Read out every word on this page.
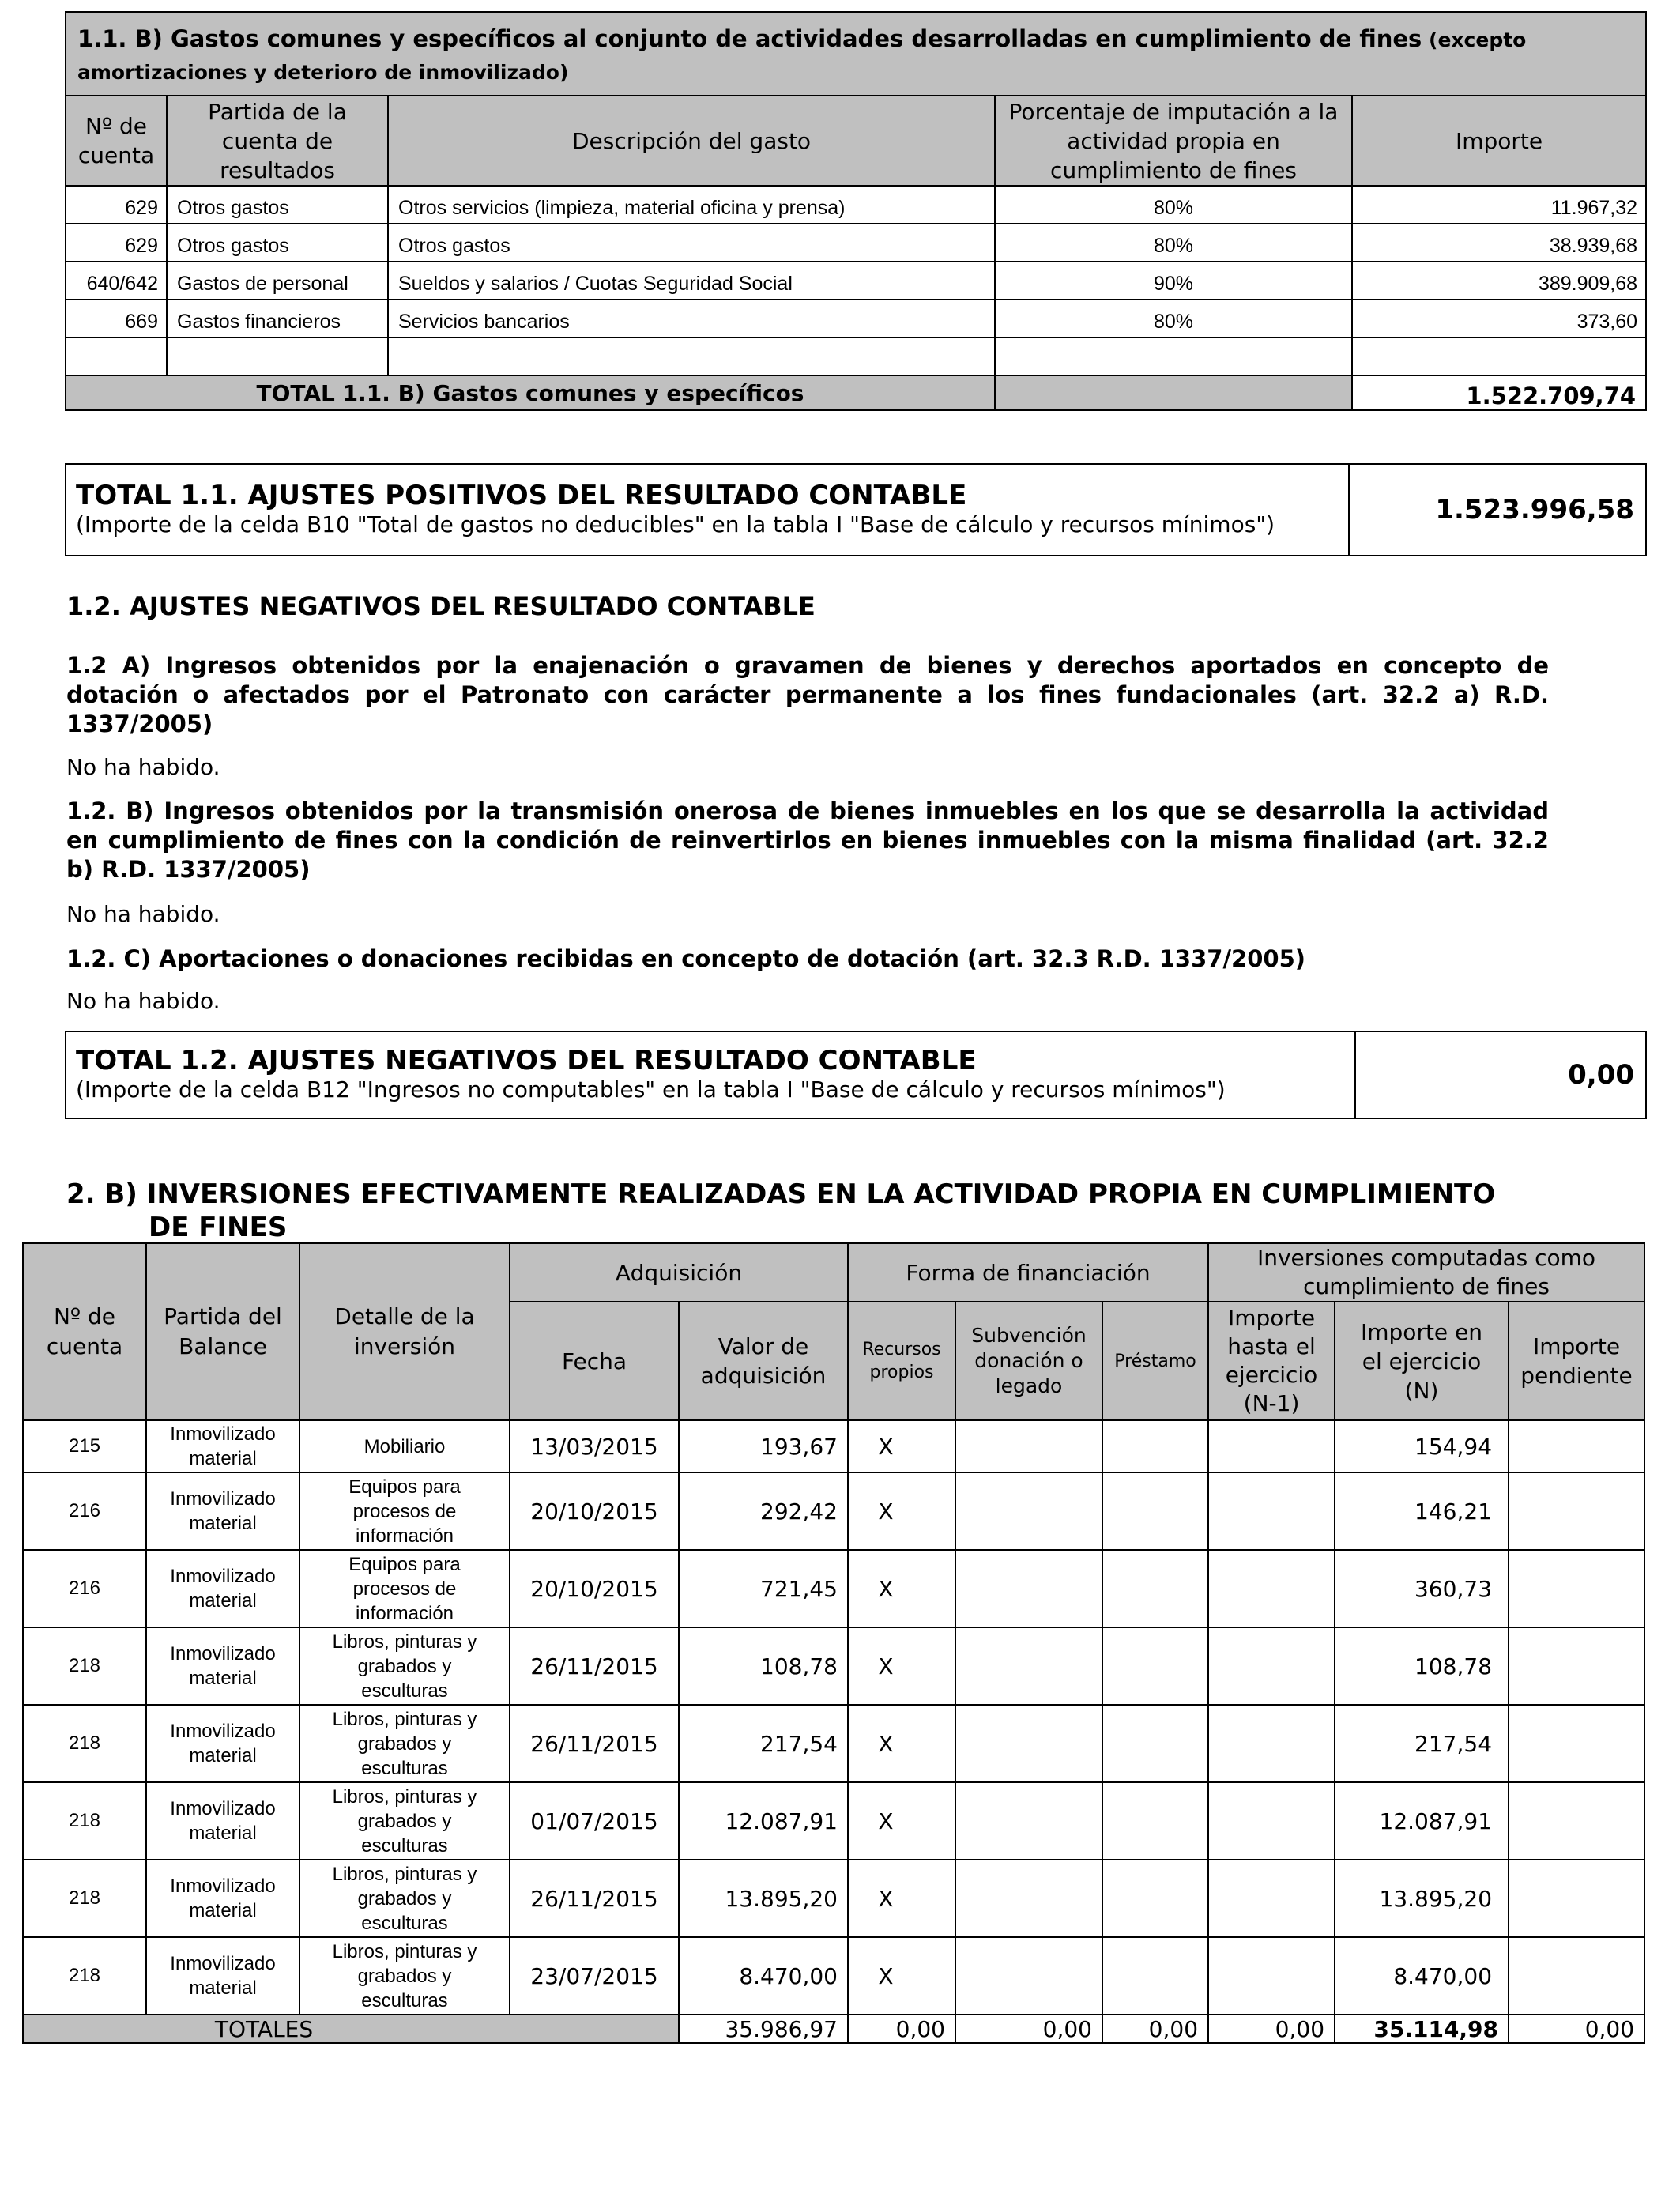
1.1. B) Gastos comunes y específicos al conjunto de actividades desarrolladas en cumplimiento de fines (excepto
amortizaciones y deterioro de inmovilizado)				
Nº de cuenta	Partida de la cuenta de resultados	Descripción del gasto	Porcentaje de imputación a la actividad propia en cumplimiento de fines	Importe
629	Otros gastos	Otros servicios (limpieza, material oficina y prensa)	80%	11.967,32
629	Otros gastos	Otros gastos	80%	38.939,68
640/642	Gastos de personal	Sueldos y salarios / Cuotas Seguridad Social	90%	389.909,68
669	Gastos financieros	Servicios bancarios	80%	373,60

TOTAL 1.1. B) Gastos comunes y específicos				1.522.709,74
TOTAL 1.1. AJUSTES POSITIVOS DEL RESULTADO CONTABLE
(Importe de la celda B10 "Total de gastos no deducibles" en la tabla I "Base de cálculo y recursos mínimos")	1.523.996,58
1.2. AJUSTES NEGATIVOS DEL RESULTADO CONTABLE
1.2 A) Ingresos obtenidos por la enajenación o gravamen de bienes y derechos aportados en concepto de dotación o afectados por el Patronato con carácter permanente a los fines fundacionales (art. 32.2 a) R.D. 1337/2005)
No ha habido.
1.2. B) Ingresos obtenidos por la transmisión onerosa de bienes inmuebles en los que se desarrolla la actividad en cumplimiento de fines con la condición de reinvertirlos en bienes inmuebles con la misma finalidad (art. 32.2 b) R.D. 1337/2005)
No ha habido.
1.2. C) Aportaciones o donaciones recibidas en concepto de dotación (art. 32.3 R.D. 1337/2005)
No ha habido.
TOTAL 1.2. AJUSTES NEGATIVOS DEL RESULTADO CONTABLE
(Importe de la celda B12 "Ingresos no computables" en la tabla I "Base de cálculo y recursos mínimos")	0,00
2. B) INVERSIONES EFECTIVAMENTE REALIZADAS EN LA ACTIVIDAD PROPIA EN CUMPLIMIENTO
DE FINES
Nº de cuenta	Partida del Balance	Detalle de la inversión	Adquisición		Forma de financiación			Inversiones computadas como cumplimiento de fines		
			Fecha	Valor de adquisición	Recursos propios	Subvención donación o legado	Préstamo	Importe hasta el ejercicio (N-1)	Importe en el ejercicio (N)	Importe pendiente
215	Inmovilizado material	Mobiliario	13/03/2015	193,67	X				154,94	
216	Inmovilizado material	Equipos para procesos de información	20/10/2015	292,42	X				146,21	
216	Inmovilizado material	Equipos para procesos de información	20/10/2015	721,45	X				360,73	
218	Inmovilizado material	Libros, pinturas y grabados y esculturas	26/11/2015	108,78	X				108,78	
218	Inmovilizado material	Libros, pinturas y grabados y esculturas	26/11/2015	217,54	X				217,54	
218	Inmovilizado material	Libros, pinturas y grabados y esculturas	01/07/2015	12.087,91	X				12.087,91	
218	Inmovilizado material	Libros, pinturas y grabados y esculturas	26/11/2015	13.895,20	X				13.895,20	
218	Inmovilizado material	Libros, pinturas y grabados y esculturas	23/07/2015	8.470,00	X				8.470,00	
TOTALES				35.986,97	0,00	0,00	0,00	0,00	35.114,98	0,00
